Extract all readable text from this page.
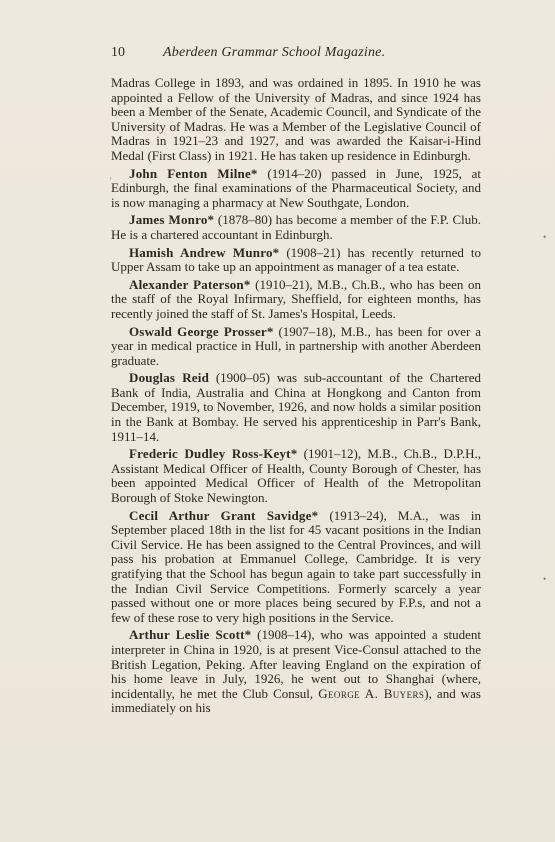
10	Aberdeen Grammar School Magazine.

Madras College in 1893, and was ordained in 1895. In 1910 he was appointed a Fellow of the University of Madras, and since 1924 has been a Member of the Senate, Academic Council, and Syndicate of the University of Madras. He was a Member of the Legislative Council of Madras in 1921–23 and 1927, and was awarded the Kaisar-i-Hind Medal (First Class) in 1921. He has taken up residence in Edinburgh.

John Fenton Milne* (1914–20) passed in June, 1925, at Edinburgh, the final examinations of the Pharmaceutical Society, and is now managing a pharmacy at New Southgate, London.

James Monro* (1878–80) has become a member of the F.P. Club. He is a chartered accountant in Edinburgh.

Hamish Andrew Munro* (1908–21) has recently returned to Upper Assam to take up an appointment as manager of a tea estate.

Alexander Paterson* (1910–21), M.B., Ch.B., who has been on the staff of the Royal Infirmary, Sheffield, for eighteen months, has recently joined the staff of St. James's Hospital, Leeds.

Oswald George Prosser* (1907–18), M.B., has been for over a year in medical practice in Hull, in partnership with another Aberdeen graduate.

Douglas Reid (1900–05) was sub-accountant of the Chartered Bank of India, Australia and China at Hongkong and Canton from December, 1919, to November, 1926, and now holds a similar position in the Bank at Bombay. He served his apprenticeship in Parr's Bank, 1911–14.

Frederic Dudley Ross-Keyt* (1901–12), M.B., Ch.B., D.P.H., Assistant Medical Officer of Health, County Borough of Chester, has been appointed Medical Officer of Health of the Metropolitan Borough of Stoke Newington.

Cecil Arthur Grant Savidge* (1913–24), M.A., was in September placed 18th in the list for 45 vacant positions in the Indian Civil Service. He has been assigned to the Central Provinces, and will pass his probation at Emmanuel College, Cambridge. It is very gratifying that the School has begun again to take part successfully in the Indian Civil Service Competitions. Formerly scarcely a year passed without one or more places being secured by F.P.s, and not a few of these rose to very high positions in the Service.

Arthur Leslie Scott* (1908–14), who was appointed a student interpreter in China in 1920, is at present Vice-Consul attached to the British Legation, Peking. After leaving England on the expiration of his home leave in July, 1926, he went out to Shanghai (where, incidentally, he met the Club Consul, George A. Buyers), and was immediately on his

'
•
•
